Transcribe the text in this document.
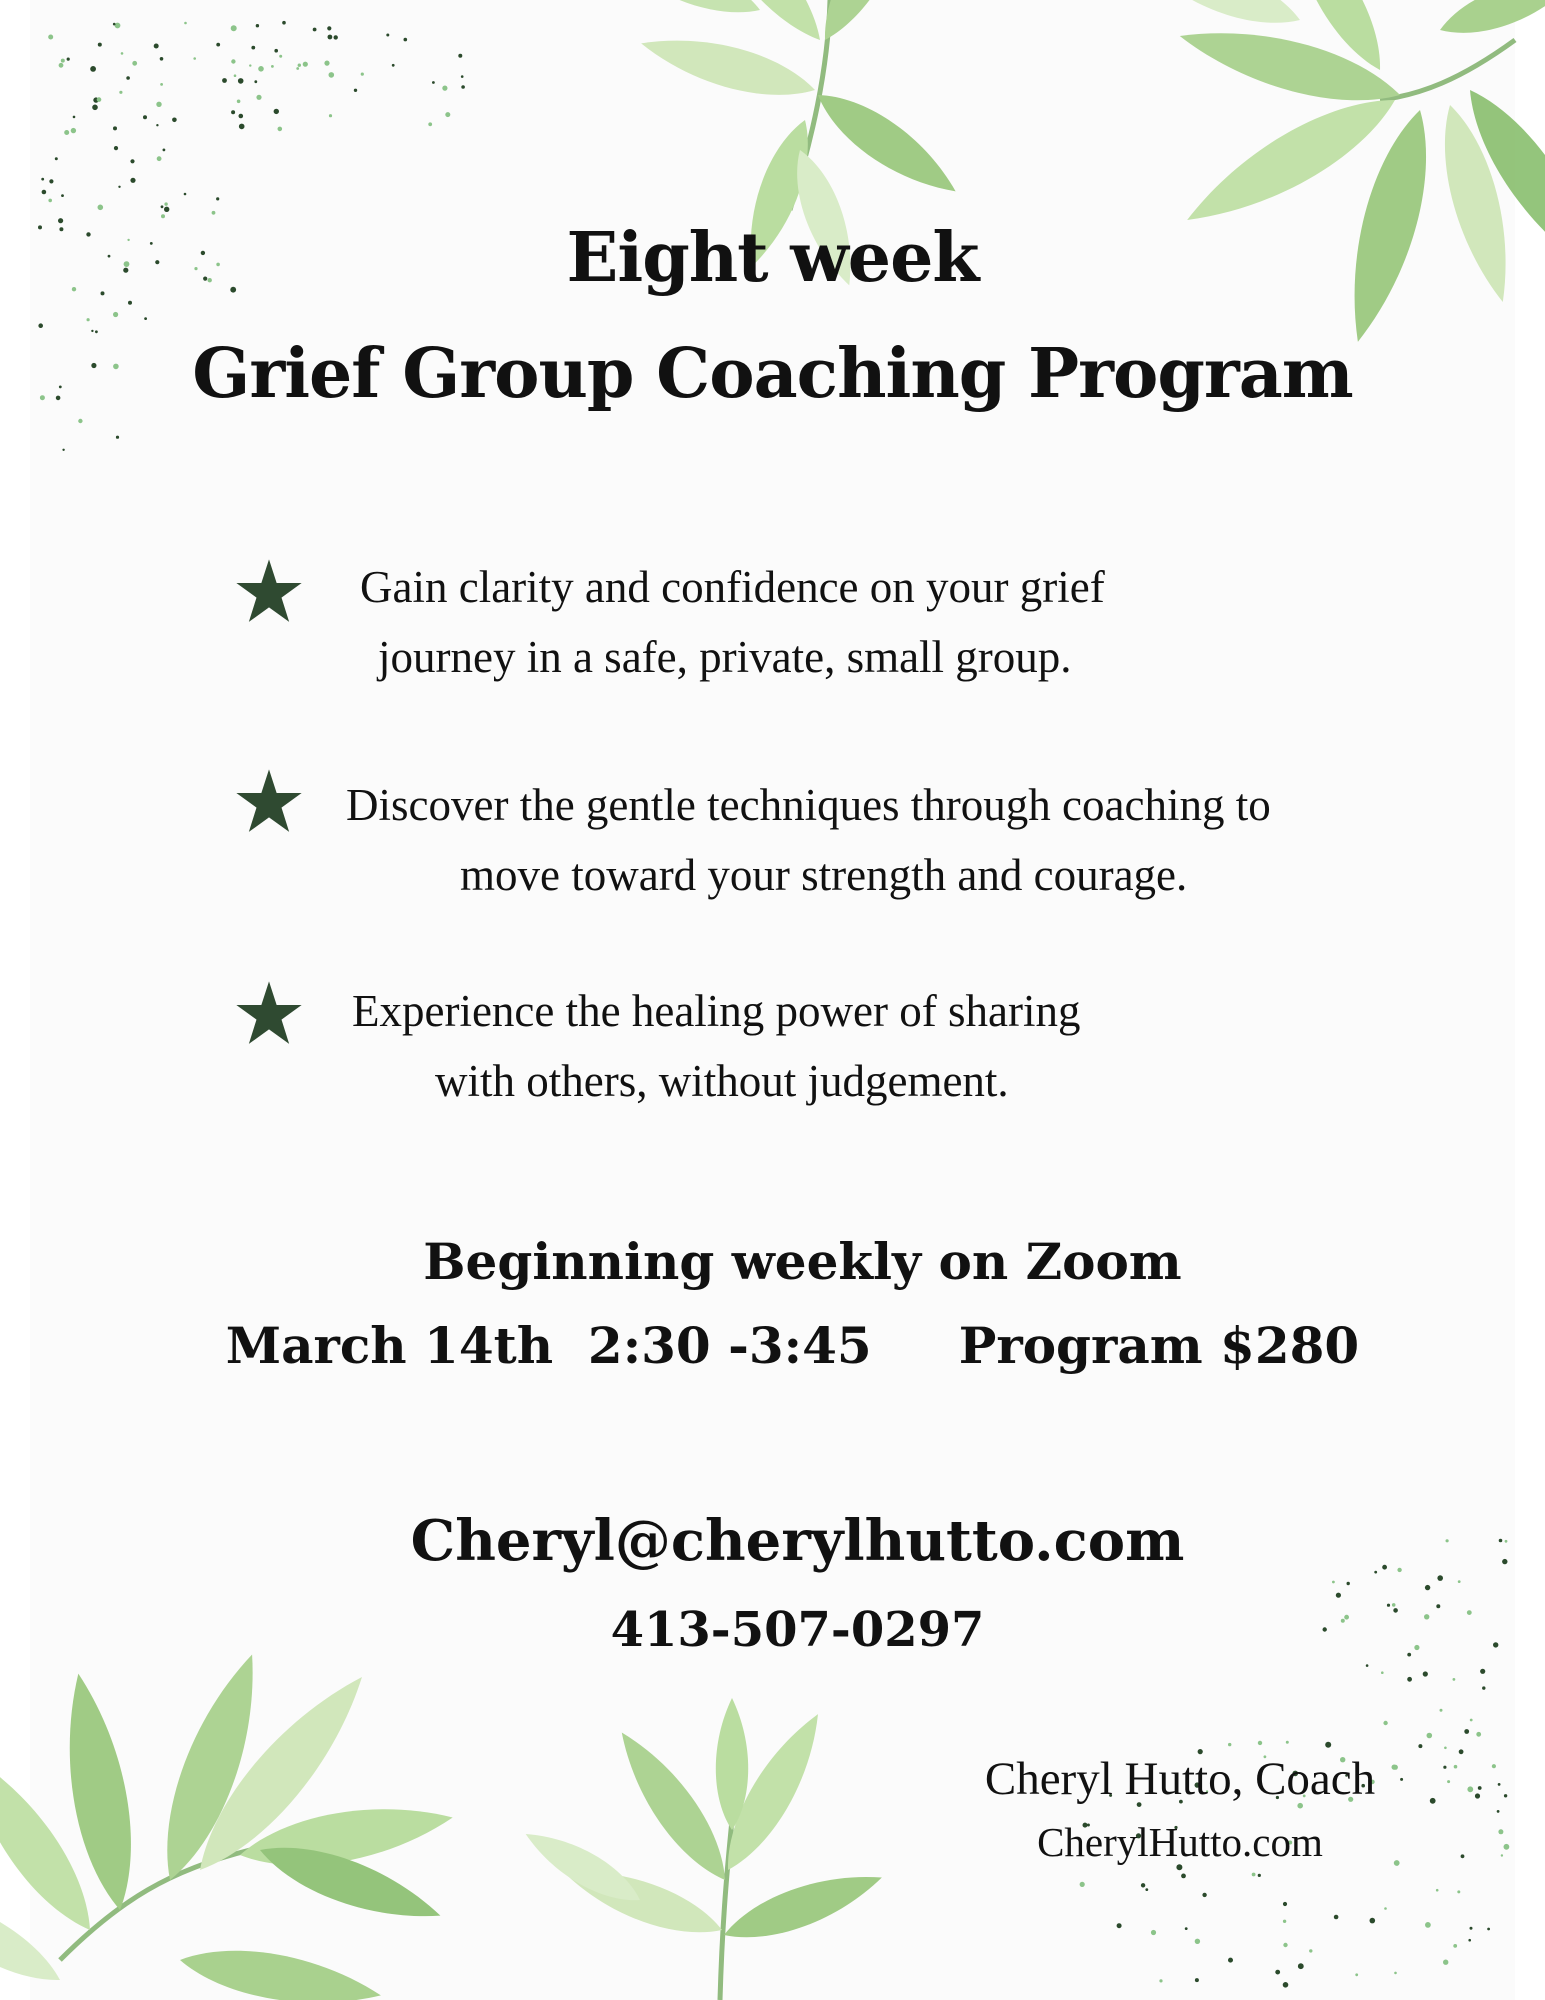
Eight week
Grief Group Coaching Program
Gain clarity and confidence on your grief
journey in a safe, private, small group.
Discover the gentle techniques through coaching to
move toward your strength and courage.
Experience the healing power of sharing
with others, without judgement.
Beginning weekly on Zoom
March 14th  2:30 -3:45     Program $280
Cheryl@cherylhutto.com
413-507-0297
Cheryl Hutto, Coach
CherylHutto.com
